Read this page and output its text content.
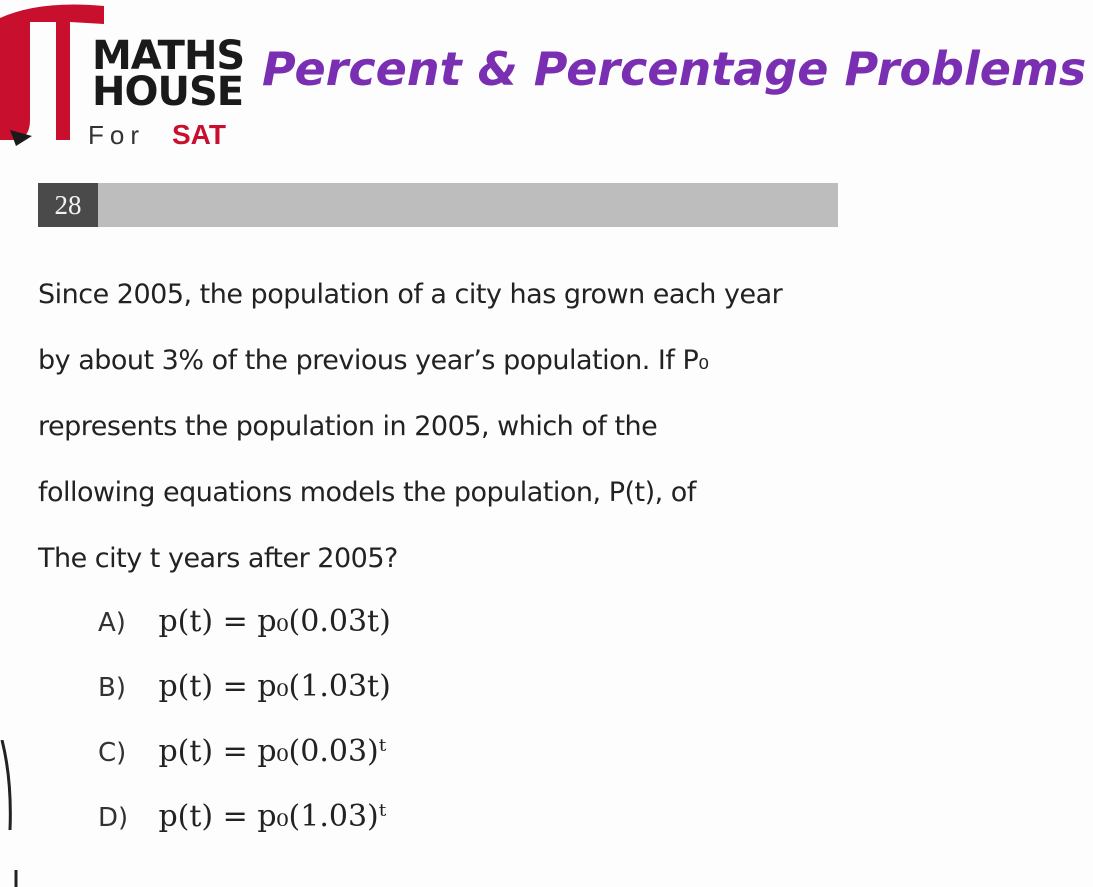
MATHS
HOUSE
For SAT
Percent & Percentage Problems
28
Since 2005, the population of a city has grown each year
by about 3% of the previous year’s population. If P₀
represents the population in 2005, which of the
following equations models the population, P(t), of
The city t years after 2005?
A) p(t) = p₀(0.03t)
B) p(t) = p₀(1.03t)
C) p(t) = p₀(0.03)ᵗ
D) p(t) = p₀(1.03)ᵗ
